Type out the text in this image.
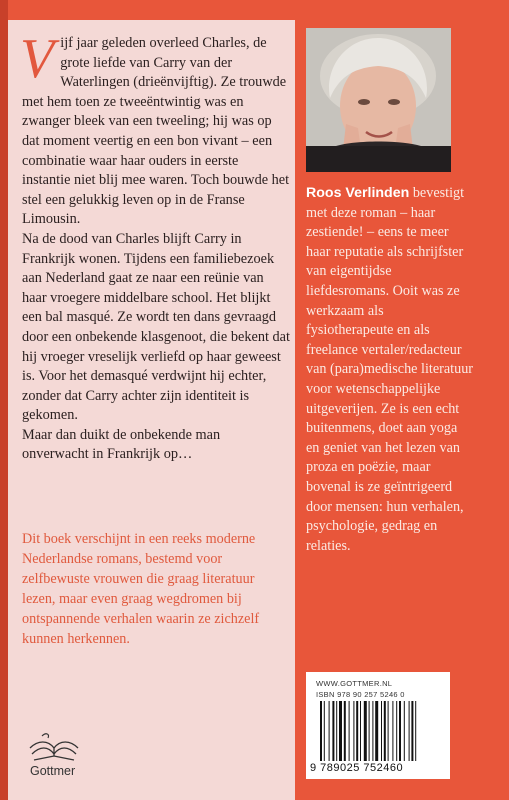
V ijf jaar geleden overleed Charles, de grote liefde van Carry van der Waterlingen (drieënvijftig). Ze trouwde met hem toen ze tweeëntwintig was en zwanger bleek van een tweeling; hij was op dat moment veertig en een bon vivant – een combinatie waar haar ouders in eerste instantie niet blij mee waren. Toch bouwde het stel een gelukkig leven op in de Franse Limousin.

Na de dood van Charles blijft Carry in Frankrijk wonen. Tijdens een familiebezoek aan Nederland gaat ze naar een reünie van haar vroegere middelbare school. Het blijkt een bal masqué. Ze wordt ten dans gevraagd door een onbekende klasgenoot, die bekent dat hij vroeger vreselijk verliefd op haar geweest is. Voor het demasqué verdwijnt hij echter, zonder dat Carry achter zijn identiteit is gekomen.

Maar dan duikt de onbekende man onverwacht in Frankrijk op…

Dit boek verschijnt in een reeks moderne Nederlandse romans, bestemd voor zelfbewuste vrouwen die graag literatuur lezen, maar even graag wegdromen bij ontspannende verhalen waarin ze zichzelf kunnen herkennen.
Gottmer
Roos Verlinden bevestigt met deze roman – haar zestiende! – eens te meer haar reputatie als schrijfster van eigentijdse liefdesromans. Ooit was ze werkzaam als fysiotherapeute en als freelance vertaler/redacteur van (para)medische literatuur voor wetenschappelijke uitgeverijen. Ze is een echt buitenmens, doet aan yoga en geniet van het lezen van proza en poëzie, maar bovenal is ze geïntrigeerd door mensen: hun verhalen, psychologie, gedrag en relaties.
WWW.GOTTMER.NL
ISBN 978 90 257 5246 0
9 789025 752460
